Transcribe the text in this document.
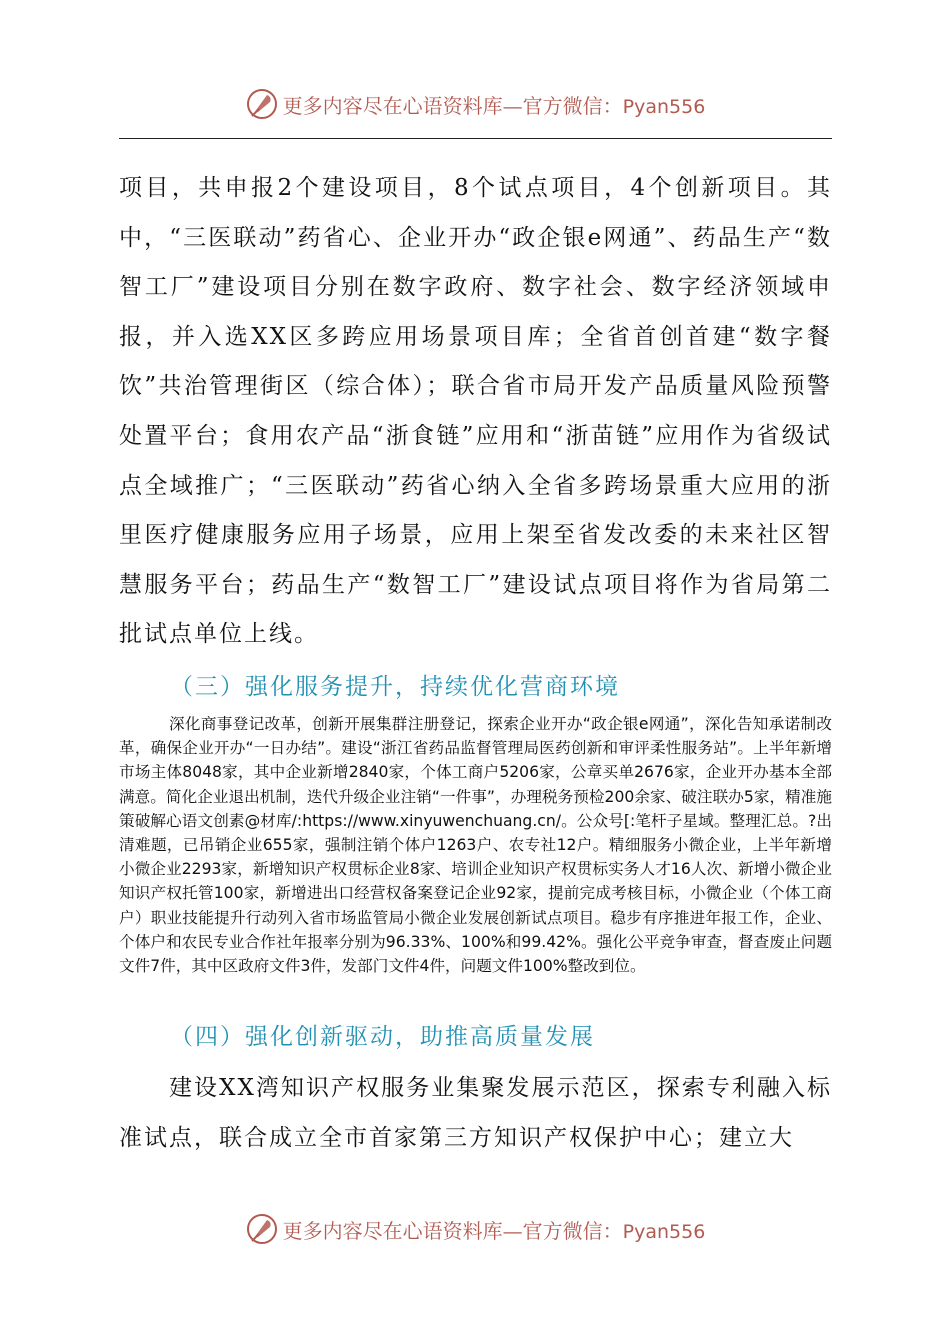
更多内容尽在心语资料库—官方微信：Pyan556
项目，共申报2个建设项目，8个试点项目，4个创新项目。其中，“三医联动”药省心、企业开办“政企银e网通”、药品生产“数智工厂”建设项目分别在数字政府、数字社会、数字经济领域申报，并入选XX区多跨应用场景项目库；全省首创首建“数字餐饮”共治管理街区（综合体）；联合省市局开发产品质量风险预警处置平台；食用农产品“浙食链”应用和“浙苗链”应用作为省级试点全域推广；“三医联动”药省心纳入全省多跨场景重大应用的浙里医疗健康服务应用子场景，应用上架至省发改委的未来社区智慧服务平台；药品生产“数智工厂”建设试点项目将作为省局第二批试点单位上线。
（三）强化服务提升，持续优化营商环境
深化商事登记改革，创新开展集群注册登记，探索企业开办“政企银e网通”，深化告知承诺制改革，确保企业开办“一日办结”。建设“浙江省药品监督管理局医药创新和审评柔性服务站”。上半年新增市场主体8048家，其中企业新增2840家，个体工商户5206家，公章买单2676家，企业开办基本全部满意。简化企业退出机制，迭代升级企业注销“一件事”，办理税务预检200余家、破注联办5家，精准施策破解心语文创素@材库/:https://www.xinyuwenchuang.cn/。公众号[:笔杆子星域。整理汇总。?出清难题，已吊销企业655家，强制注销个体户1263户、农专社12户。精细服务小微企业，上半年新增小微企业2293家，新增知识产权贯标企业8家、培训企业知识产权贯标实务人才16人次、新增小微企业知识产权托管100家，新增进出口经营权备案登记企业92家，提前完成考核目标，小微企业（个体工商户）职业技能提升行动列入省市场监管局小微企业发展创新试点项目。稳步有序推进年报工作，企业、个体户和农民专业合作社年报率分别为96.33%、100%和99.42%。强化公平竞争审查，督查废止问题文件7件，其中区政府文件3件，发部门文件4件，问题文件100%整改到位。
（四）强化创新驱动，助推高质量发展
建设XX湾知识产权服务业集聚发展示范区，探索专利融入标准试点，联合成立全市首家第三方知识产权保护中心；建立大
更多内容尽在心语资料库—官方微信：Pyan556
